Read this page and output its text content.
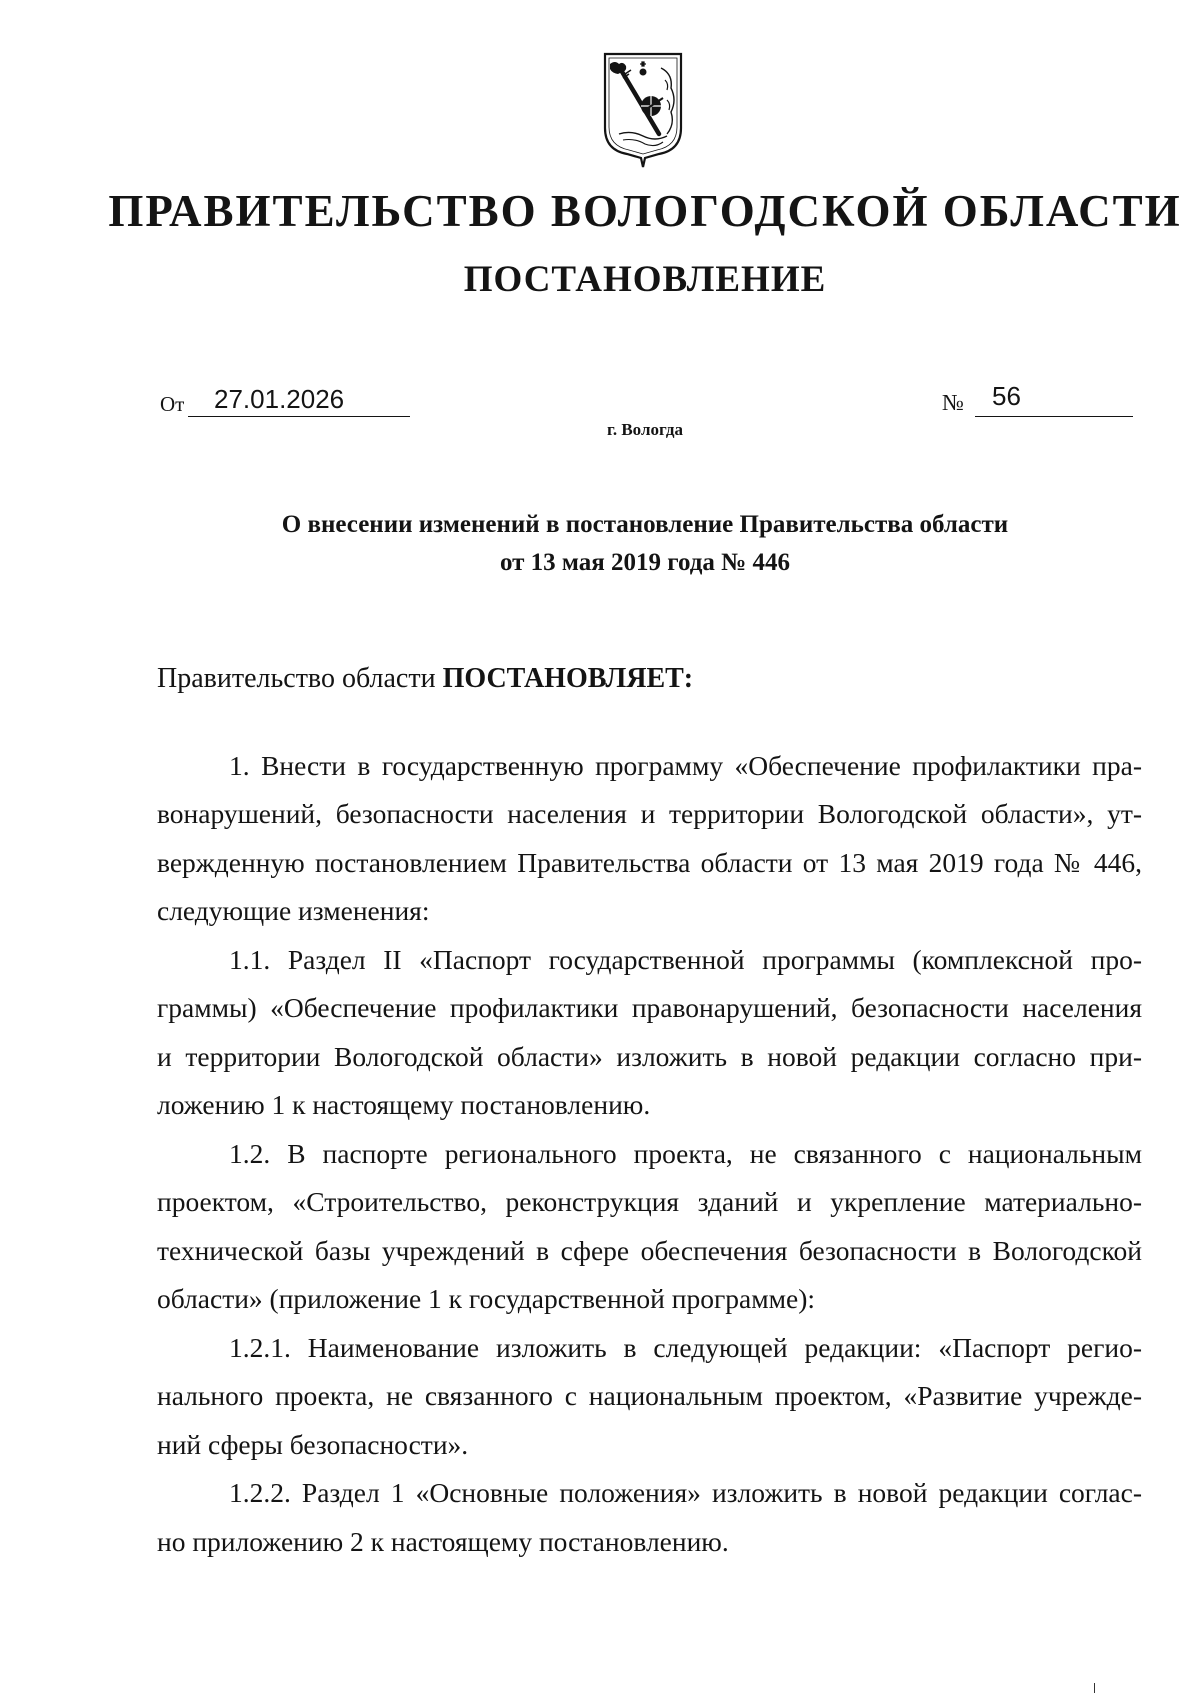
ПРАВИТЕЛЬСТВО ВОЛОГОДСКОЙ ОБЛАСТИ
ПОСТАНОВЛЕНИЕ
От 27.01.2026	№ 56
г. Вологда
О внесении изменений в постановление Правительства области
от 13 мая 2019 года № 446
Правительство области ПОСТАНОВЛЯЕТ:
1. Внести в государственную программу «Обеспечение профилактики пра-
вонарушений, безопасности населения и территории Вологодской области», ут-
вержденную постановлением Правительства области от 13 мая 2019 года № 446,
следующие изменения:
1.1. Раздел II «Паспорт государственной программы (комплексной про-
граммы) «Обеспечение профилактики правонарушений, безопасности населения
и территории Вологодской области» изложить в новой редакции согласно при-
ложению 1 к настоящему постановлению.
1.2. В паспорте регионального проекта, не связанного с национальным
проектом, «Строительство, реконструкция зданий и укрепление материально-
технической базы учреждений в сфере обеспечения безопасности в Вологодской
области» (приложение 1 к государственной программе):
1.2.1. Наименование изложить в следующей редакции: «Паспорт регио-
нального проекта, не связанного с национальным проектом, «Развитие учрежде-
ний сферы безопасности».
1.2.2. Раздел 1 «Основные положения» изложить в новой редакции соглас-
но приложению 2 к настоящему постановлению.
